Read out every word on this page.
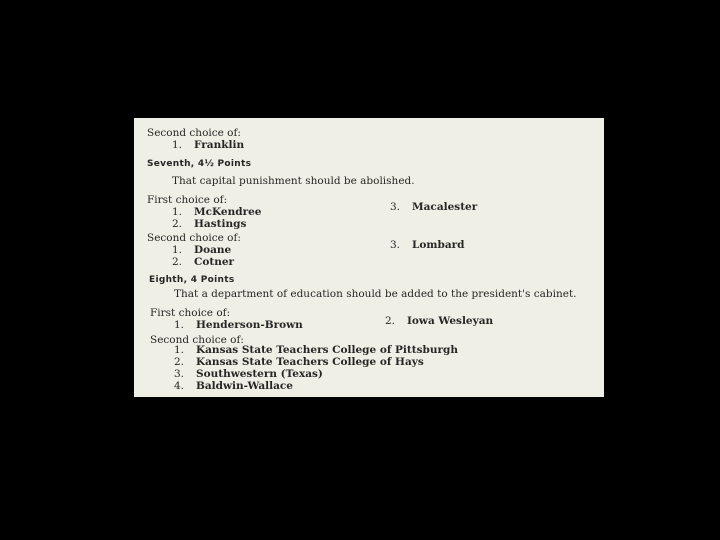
Second choice of:
1. Franklin
Seventh, 4½ Points
That capital punishment should be abolished.
First choice of:
1. McKendree
2. Hastings
3. Macalester
Second choice of:
1. Doane
2. Cotner
3. Lombard
Eighth, 4 Points
That a department of education should be added to the president's cabinet.
First choice of:
1. Henderson-Brown	2. Iowa Wesleyan
Second choice of:
1. Kansas State Teachers College of Pittsburgh
2. Kansas State Teachers College of Hays
3. Southwestern (Texas)
4. Baldwin-Wallace
